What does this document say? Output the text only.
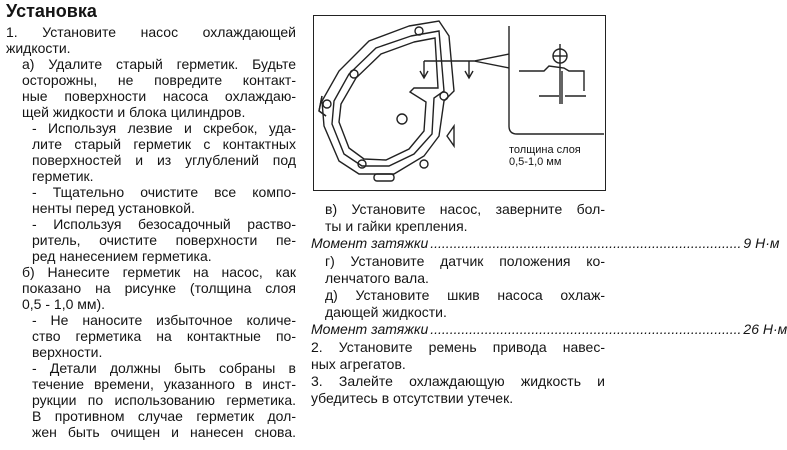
Установка
1. Установите насос охлаждающей
жидкости.
а) Удалите старый герметик. Будьте
осторожны, не повредите контакт-
ные поверхности насоса охлаждаю-
щей жидкости и блока цилиндров.
- Используя лезвие и скребок, уда-
лите старый герметик с контактных
поверхностей и из углублений под
герметик.
- Тщательно очистите все компо-
ненты перед установкой.
- Используя безосадочный раство-
ритель, очистите поверхности пе-
ред нанесением герметика.
б) Нанесите герметик на насос, как
показано на рисунке (толщина слоя
0,5 - 1,0 мм).
- Не наносите избыточное количе-
ство герметика на контактные по-
верхности.
- Детали должны быть собраны в
течение времени, указанного в инст-
рукции по использованию герметика.
В противном случае герметик дол-
жен быть очищен и нанесен снова.
толщина слоя
0,5-1,0 мм
в) Установите насос, заверните бол-
ты и гайки крепления.
Момент затяжки ................................................................................ 9 Н·м
г) Установите датчик положения ко-
ленчатого вала.
д) Установите шкив насоса охлаж-
дающей жидкости.
Момент затяжки ................................................................................ 26 Н·м
2. Установите ремень привода навес-
ных агрегатов.
3. Залейте охлаждающую жидкость и
убедитесь в отсутствии утечек.
